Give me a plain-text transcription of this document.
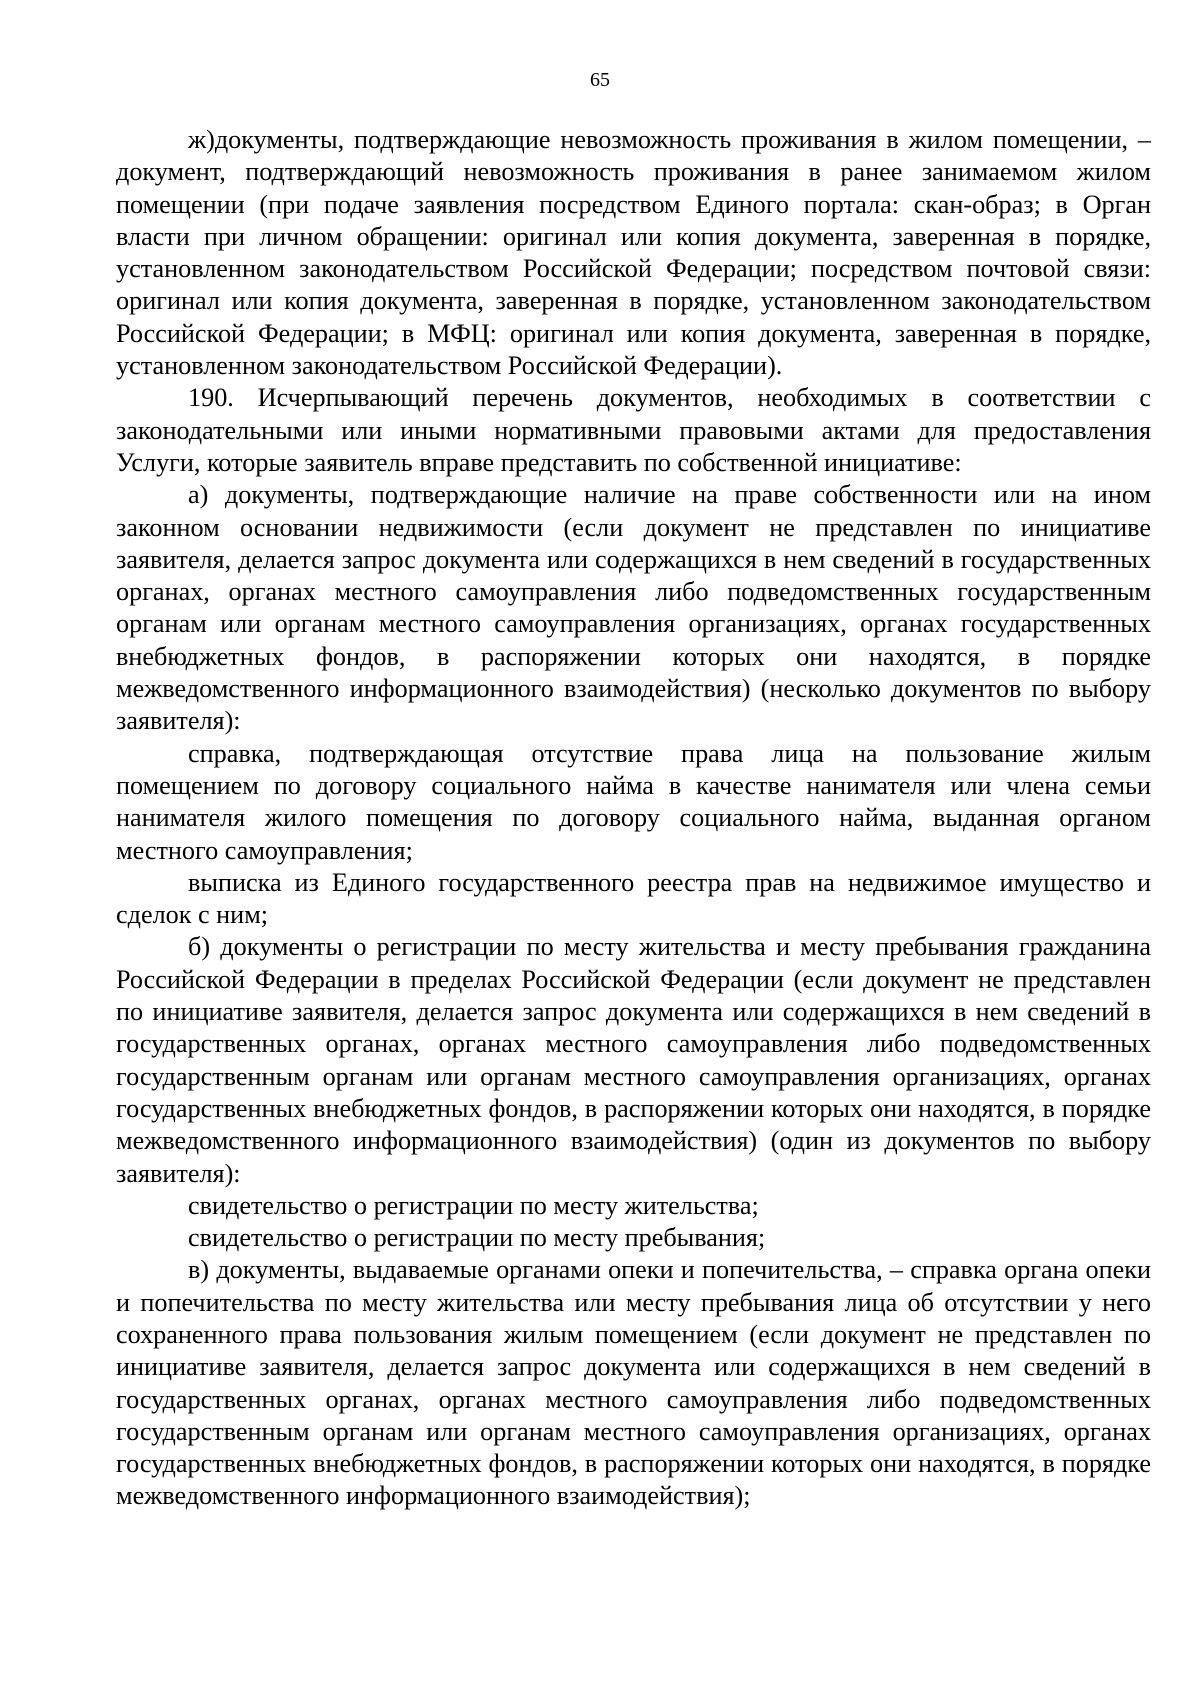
65

ж)документы, подтверждающие невозможность проживания в жилом помещении, – документ, подтверждающий невозможность проживания в ранее занимаемом жилом помещении (при подаче заявления посредством Единого портала: скан-образ; в Орган власти при личном обращении: оригинал или копия документа, заверенная в порядке, установленном законодательством Российской Федерации; посредством почтовой связи: оригинал или копия документа, заверенная в порядке, установленном законодательством Российской Федерации; в МФЦ: оригинал или копия документа, заверенная в порядке, установленном законодательством Российской Федерации).

190. Исчерпывающий перечень документов, необходимых в соответствии с законодательными или иными нормативными правовыми актами для предоставления Услуги, которые заявитель вправе представить по собственной инициативе:

а) документы, подтверждающие наличие на праве собственности или на ином законном основании недвижимости (если документ не представлен по инициативе заявителя, делается запрос документа или содержащихся в нем сведений в государственных органах, органах местного самоуправления либо подведомственных государственным органам или органам местного самоуправления организациях, органах государственных внебюджетных фондов, в распоряжении которых они находятся, в порядке межведомственного информационного взаимодействия) (несколько документов по выбору заявителя):

справка, подтверждающая отсутствие права лица на пользование жилым помещением по договору социального найма в качестве нанимателя или члена семьи нанимателя жилого помещения по договору социального найма, выданная органом местного самоуправления;

выписка из Единого государственного реестра прав на недвижимое имущество и сделок с ним;

б) документы о регистрации по месту жительства и месту пребывания гражданина Российской Федерации в пределах Российской Федерации (если документ не представлен по инициативе заявителя, делается запрос документа или содержащихся в нем сведений в государственных органах, органах местного самоуправления либо подведомственных государственным органам или органам местного самоуправления организациях, органах государственных внебюджетных фондов, в распоряжении которых они находятся, в порядке межведомственного информационного взаимодействия) (один из документов по выбору заявителя):

свидетельство о регистрации по месту жительства;

свидетельство о регистрации по месту пребывания;

в) документы, выдаваемые органами опеки и попечительства, – справка органа опеки и попечительства по месту жительства или месту пребывания лица об отсутствии у него сохраненного права пользования жилым помещением (если документ не представлен по инициативе заявителя, делается запрос документа или содержащихся в нем сведений в государственных органах, органах местного самоуправления либо подведомственных государственным органам или органам местного самоуправления организациях, органах государственных внебюджетных фондов, в распоряжении которых они находятся, в порядке межведомственного информационного взаимодействия);
